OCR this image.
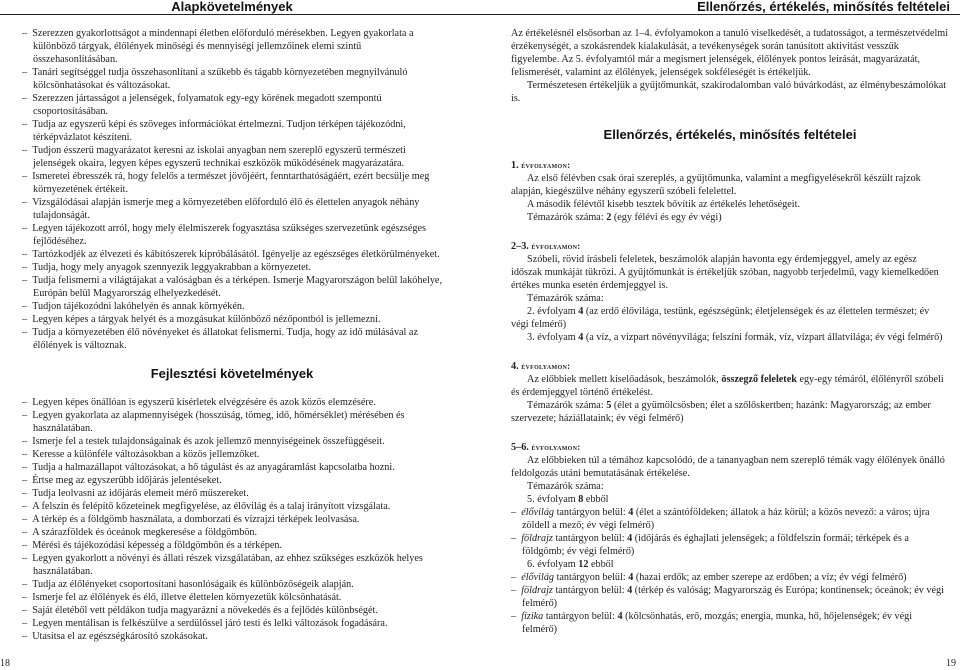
Alapkövetelmények
–  Szerezzen gyakorlottságot a mindennapi életben előforduló mérésekben. Legyen gyakorlata a különböző tárgyak, élőlények minőségi és mennyiségi jellemzőinek elemi szintű összehasonlításában.
–  Tanári segítséggel tudja összehasonlítani a szűkebb és tágabb környezetében megnyilvánuló kölcsönhatásokat és változásokat.
–  Szerezzen jártasságot a jelenségek, folyamatok egy-egy körének megadott szempontú csoportosításában.
–  Tudja az egyszerű képi és szöveges információkat értelmezni. Tudjon térképen tájékozódni, térképvázlatot készíteni.
–  Tudjon ésszerű magyarázatot keresni az iskolai anyagban nem szereplő egyszerű természeti jelenségek okaira, legyen képes egyszerű technikai eszközök működésének magyarázatára.
–  Ismeretei ébresszék rá, hogy felelős a természet jövőjéért, fenntarthatóságáért, ezért becsülje meg környezetének értékeit.
–  Vizsgálódásai alapján ismerje meg a környezetében előforduló élő és élettelen anyagok néhány tulajdonságát.
–  Legyen tájékozott arról, hogy mely élelmiszerek fogyasztása szükséges szervezetünk egészséges fejlődéséhez.
–  Tartózkodjék az élvezeti és kábítószerek kipróbálásától. Igényelje az egészséges életkörülményeket.
–  Tudja, hogy mely anyagok szennyezik leggyakrabban a környezetet.
–  Tudja felismerni a világtájakat a valóságban és a térképen. Ismerje Magyarországon belül lakóhelye, Európán belül Magyarország elhelyezkedését.
–  Tudjon tájékozódni lakóhelyén és annak környékén.
–  Legyen képes a tárgyak helyét és a mozgásukat különböző nézőpontból is jellemezni.
–  Tudja a környezetében élő növényeket és állatokat felismerni. Tudja, hogy az idő múlásával az élőlények is változnak.
Fejlesztési követelmények
–  Legyen képes önállóan is egyszerű kísérletek elvégzésére és azok közös elemzésére.
–  Legyen gyakorlata az alapmennyiségek (hosszúság, tömeg, idő, hőmérséklet) mérésében és használatában.
–  Ismerje fel a testek tulajdonságainak és azok jellemző mennyiségeinek összefüggéseit.
–  Keresse a különféle változásokban a közös jellemzőket.
–  Tudja a halmazállapot változásokat, a hő tágulást és az anyagáramlást kapcsolatba hozni.
–  Értse meg az egyszerűbb időjárás jelentéseket.
–  Tudja leolvasni az időjárás elemeit mérő műszereket.
–  A felszín és felépítő kőzeteinek megfigyelése, az élővilág és a talaj irányított vizsgálata.
–  A térkép és a földgömb használata, a domborzati és vízrajzi térképek leolvasása.
–  A szárazföldek és óceánok megkeresése a földgömbön.
–  Mérési és tájékozódási képesség a földgömbön és a térképen.
–  Legyen gyakorlott a növényi és állati részek vizsgálatában, az ehhez szükséges eszközök helyes használatában.
–  Tudja az élőlényeket csoportosítani hasonlóságaik és különbözőségeik alapján.
–  Ismerje fel az élőlények és élő, illetve élettelen környezetük kölcsönhatását.
–  Saját életéből vett példákon tudja magyarázni a növekedés és a fejlődés különbségét.
–  Legyen mentálisan is felkészülve a serdülőssel járó testi és lelki változások fogadására.
–  Utasítsa el az egészségkárosító szokásokat.
18
Ellenőrzés, értékelés, minősítés feltételei

Az értékelésnél elsősorban az 1–4. évfolyamokon a tanuló viselkedését, a tudatosságot, a természetvédelmi érzékenységét, a szokásrendek kialakulását, a tevékenységek során tanúsított aktivitást vesszük figyelembe. Az 5. évfolyamtól már a megismert jelenségek, élőlények pontos leírását, magyarázatát, felismerését, valamint az élőlények, jelenségek sokféleségét is értékeljük.

Természetesen értékeljük a gyűjtőmunkát, szakirodalomban való búvárkodást, az élménybeszámolókat is.

Ellenőrzés, értékelés, minősítés feltételei

1. évfolyamon:

Az első félévben csak órai szereplés, a gyűjtőmunka, valamint a megfigyelésekről készült rajzok alapján, kiegészülve néhány egyszerű szóbeli felelettel.

A második félévtől kisebb tesztek bővítik az értékelés lehetőségeit.

Témazárók száma: 2 (egy félévi és egy év végi)

2–3. évfolyamon:

Szóbeli, rövid írásbeli feleletek, beszámolók alapján havonta egy érdemjeggyel, amely az egész időszak munkáját tükrözi. A gyűjtőmunkát is értékeljük szóban, nagyobb terjedelmű, vagy kiemelkedően értékes munka esetén érdemjeggyel is.

Témazárók száma:

2. évfolyam 4 (az erdő élővilága, testünk, egészségünk; életjelenségek és az élettelen természet; év végi felmérő)

3. évfolyam 4 (a víz, a vízpart növényvilága; felszíni formák, víz, vízpart állatvilága; év végi felmérő)

4. évfolyamon:

Az előbbiek mellett kiselőadások, beszámolók, összegző feleletek egy-egy témáról, élőlényről szóbeli és érdemjeggyel történő értékelést.

Témazárók száma: 5 (élet a gyümölcsösben; élet a szőlőskertben; hazánk: Magyarország; az ember szervezete; háziállataink; év végi felmérő)

5–6. évfolyamon:

Az előbbieken túl a témához kapcsolódó, de a tananyagban nem szereplő témák vagy élőlények önálló feldolgozás utáni bemutatásának értékelése.

Témazárók száma:

5. évfolyam 8 ebből

–  élővilág tantárgyon belül: 4 (élet a szántóföldeken; állatok a ház körül; a közös nevező: a város; újra zöldell a mező; év végi felmérő)
–  földrajz tantárgyon belül: 4 (időjárás és éghajlati jelenségek; a földfelszín formái; térképek és a földgömb; év végi felmérő)

6. évfolyam 12 ebből

–  élővilág tantárgyon belül: 4 (hazai erdők; az ember szerepe az erdőben; a víz; év végi felmérő)
–  földrajz tantárgyon belül: 4 (térkép és valóság; Magyarország és Európa; kontinensek; óceánok; év végi felmérő)
–  fizika tantárgyon belül: 4 (kölcsönhatás, erő, mozgás; energia, munka, hő, hőjelenségek; év végi felmérő)
19
